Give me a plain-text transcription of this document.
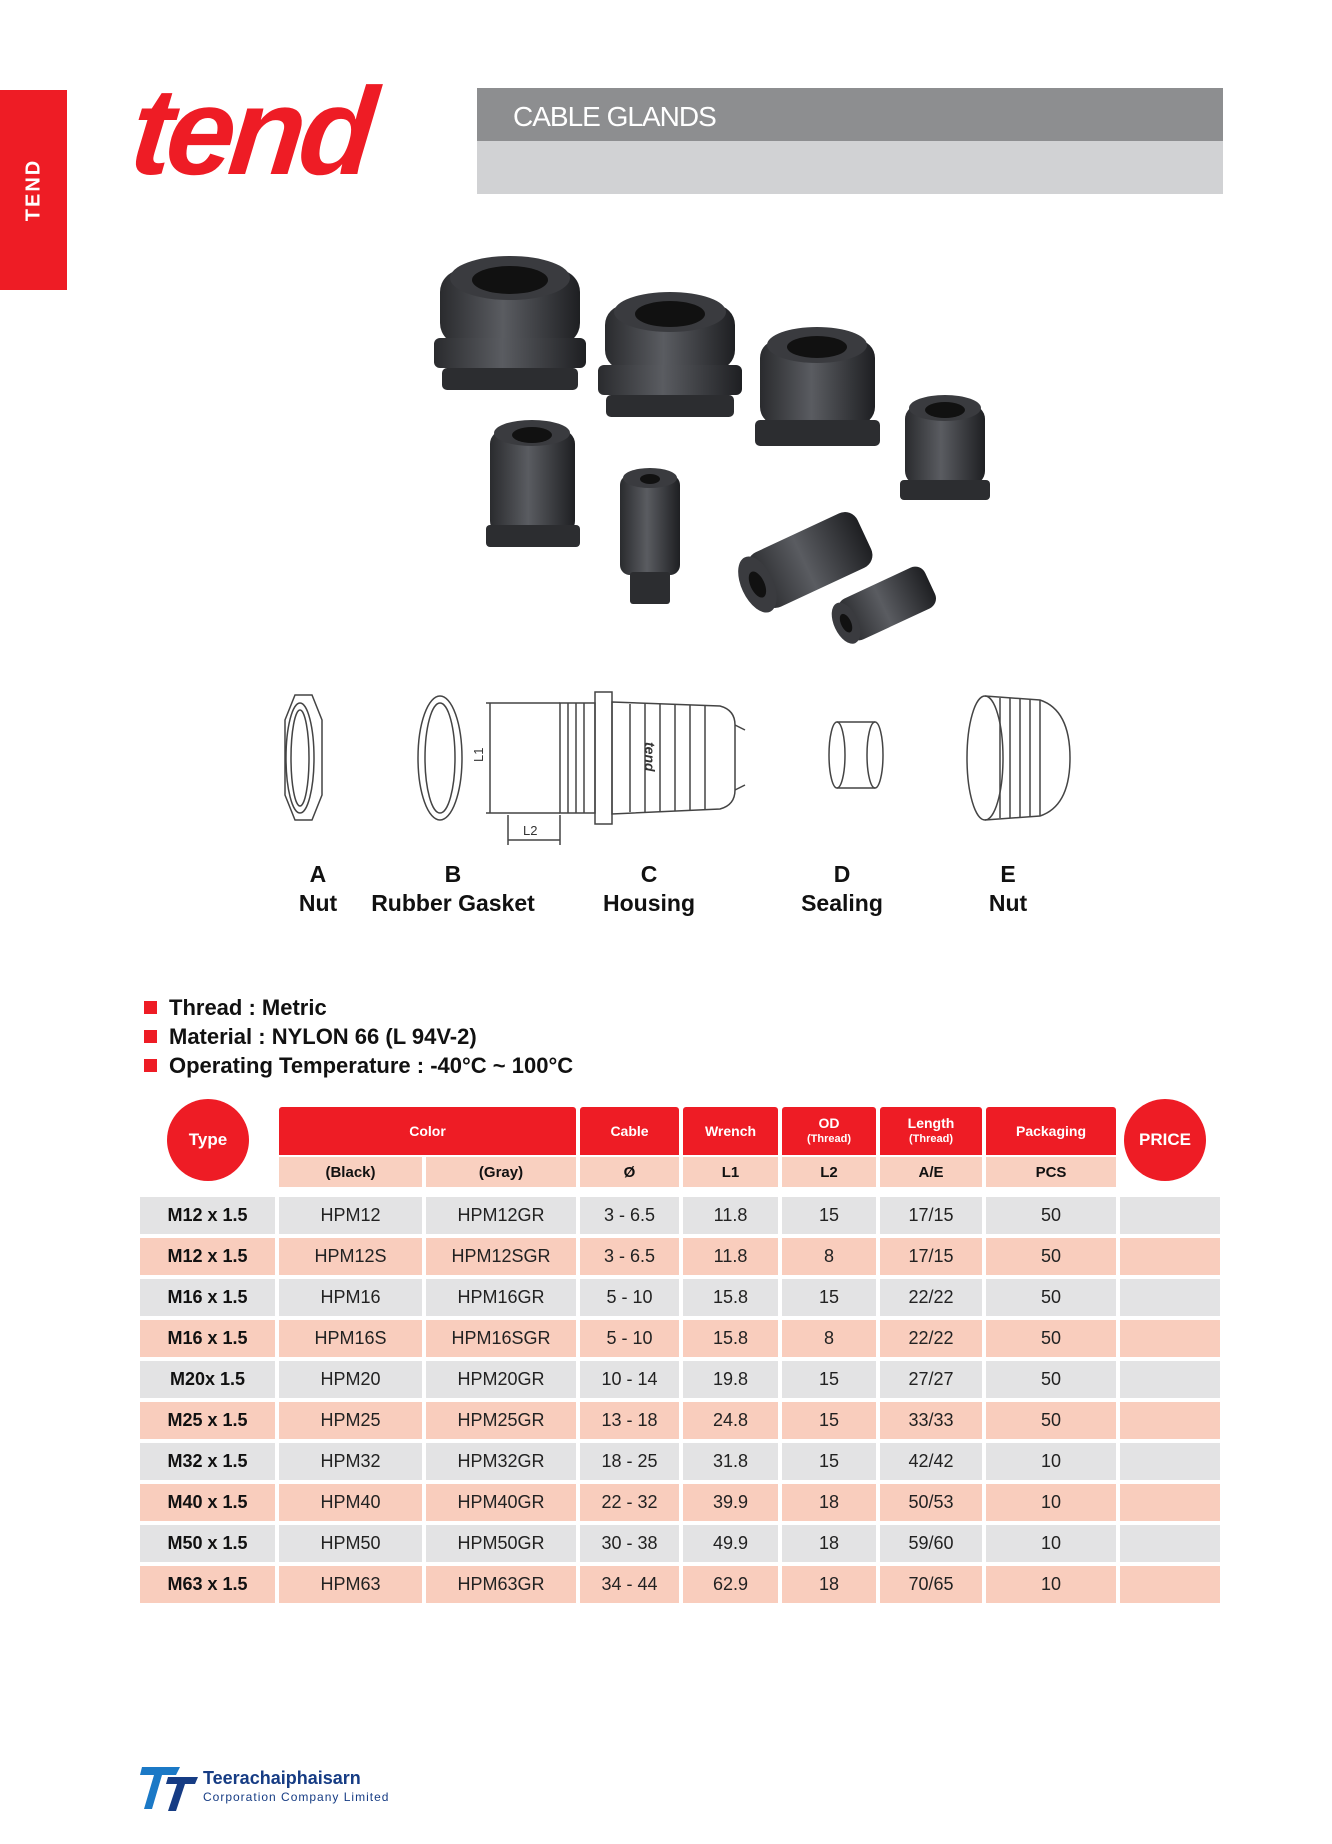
TEND tend	CABLE GLANDS
L1
L2
tend
A
Nut
B
Rubber Gasket
C
Housing
D
Sealing
E
Nut
Thread : Metric
Material : NYLON 66 (L 94V-2)
Operating Temperature : -40°C ~ 100°C
Type	Color	Cable	Wrench	OD
(Thread)
Length
(Thread)	Packaging	PRICE
(Black)	(Gray)	Ø	L1	L2	A/E	PCS
M12 x 1.5	HPM12	HPM12GR	3 - 6.5	11.8	15	17/15	50
M12 x 1.5	HPM12S	HPM12SGR	3 - 6.5	11.8	8	17/15	50
M16 x 1.5	HPM16	HPM16GR	5 - 10	15.8	15	22/22	50
M16 x 1.5	HPM16S	HPM16SGR	5 - 10	15.8	8	22/22	50
M20x 1.5	HPM20	HPM20GR	10 - 14	19.8	15	27/27	50
M25 x 1.5	HPM25	HPM25GR	13 - 18	24.8	15	33/33	50
M32 x 1.5	HPM32	HPM32GR	18 - 25	31.8	15	42/42	10
M40 x 1.5	HPM40	HPM40GR	22 - 32	39.9	18	50/53	10
M50 x 1.5	HPM50	HPM50GR	30 - 38	49.9	18	59/60	10
M63 x 1.5	HPM63	HPM63GR	34 - 44	62.9	18	70/65	10
Teerachaiphaisarn
Corporation Company Limited
